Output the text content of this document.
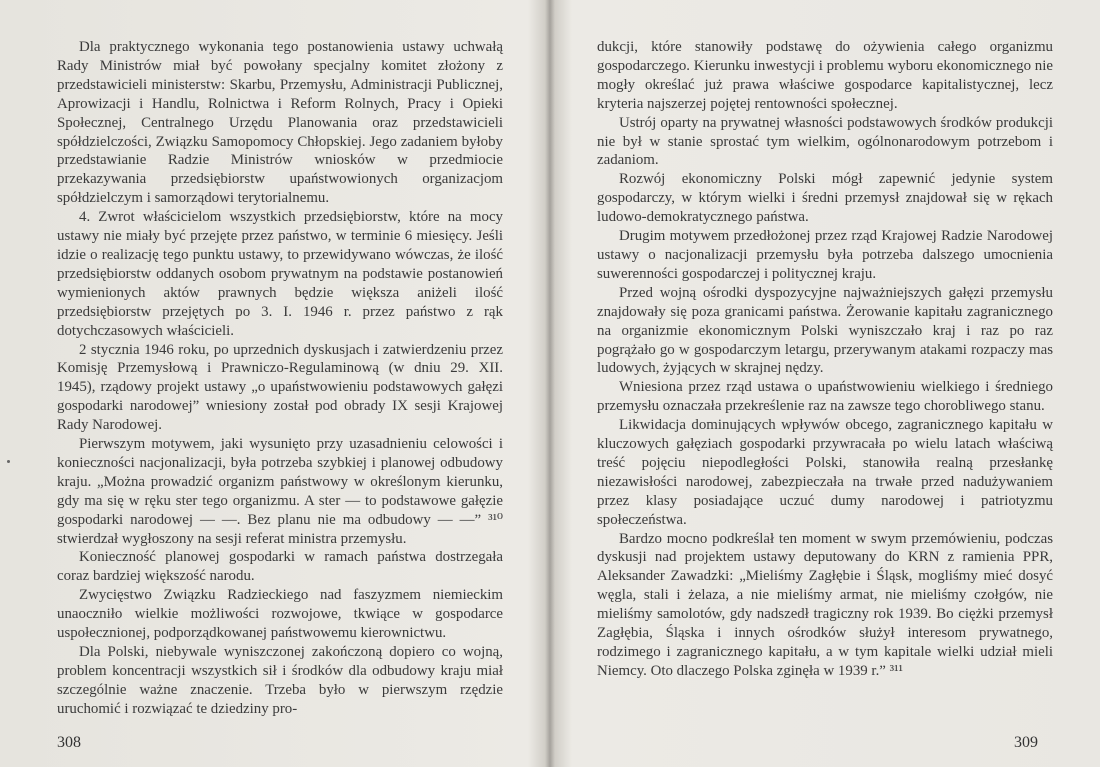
Dla praktycznego wykonania tego postanowienia ustawy uchwałą Rady Ministrów miał być powołany specjalny komitet złożony z przedstawicieli ministerstw: Skarbu, Przemysłu, Administracji Publicznej, Aprowizacji i Handlu, Rolnictwa i Reform Rolnych, Pracy i Opieki Społecznej, Centralnego Urzędu Planowania oraz przedstawicieli spółdzielczości, Związku Samopomocy Chłopskiej. Jego zadaniem byłoby przedstawianie Radzie Ministrów wniosków w przedmiocie przekazywania przedsiębiorstw upaństwowionych organizacjom spółdzielczym i samorządowi terytorialnemu.

4. Zwrot właścicielom wszystkich przedsiębiorstw, które na mocy ustawy nie miały być przejęte przez państwo, w terminie 6 miesięcy. Jeśli idzie o realizację tego punktu ustawy, to przewidywano wówczas, że ilość przedsiębiorstw oddanych osobom prywatnym na podstawie postanowień wymienionych aktów prawnych będzie większa aniżeli ilość przedsiębiorstw przejętych po 3. I. 1946 r. przez państwo z rąk dotychczasowych właścicieli.

2 stycznia 1946 roku, po uprzednich dyskusjach i zatwierdzeniu przez Komisję Przemysłową i Prawniczo-Regulaminową (w dniu 29. XII. 1945), rządowy projekt ustawy „o upaństwowieniu podstawowych gałęzi gospodarki narodowej” wniesiony został pod obrady IX sesji Krajowej Rady Narodowej.

Pierwszym motywem, jaki wysunięto przy uzasadnieniu celowości i konieczności nacjonalizacji, była potrzeba szybkiej i planowej odbudowy kraju. „Można prowadzić organizm państwowy w określonym kierunku, gdy ma się w ręku ster tego organizmu. A ster — to podstawowe gałęzie gospodarki narodowej — —. Bez planu nie ma odbudowy — —” ³¹⁰ stwierdzał wygłoszony na sesji referat ministra przemysłu.

Konieczność planowej gospodarki w ramach państwa dostrzegała coraz bardziej większość narodu.

Zwycięstwo Związku Radzieckiego nad faszyzmem niemieckim unaoczniło wielkie możliwości rozwojowe, tkwiące w gospodarce uspołecznionej, podporządkowanej państwowemu kierownictwu.

Dla Polski, niebywale wyniszczonej zakończoną dopiero co wojną, problem koncentracji wszystkich sił i środków dla odbudowy kraju miał szczególnie ważne znaczenie. Trzeba było w pierwszym rzędzie uruchomić i rozwiązać te dziedziny pro-

308

dukcji, które stanowiły podstawę do ożywienia całego organizmu gospodarczego. Kierunku inwestycji i problemu wyboru ekonomicznego nie mogły określać już prawa właściwe gospodarce kapitalistycznej, lecz kryteria najszerzej pojętej rentowności społecznej.

Ustrój oparty na prywatnej własności podstawowych środków produkcji nie był w stanie sprostać tym wielkim, ogólnonarodowym potrzebom i zadaniom.

Rozwój ekonomiczny Polski mógł zapewnić jedynie system gospodarczy, w którym wielki i średni przemysł znajdował się w rękach ludowo-demokratycznego państwa.

Drugim motywem przedłożonej przez rząd Krajowej Radzie Narodowej ustawy o nacjonalizacji przemysłu była potrzeba dalszego umocnienia suwerenności gospodarczej i politycznej kraju.

Przed wojną ośrodki dyspozycyjne najważniejszych gałęzi przemysłu znajdowały się poza granicami państwa. Żerowanie kapitału zagranicznego na organizmie ekonomicznym Polski wyniszczało kraj i raz po raz pogrążało go w gospodarczym letargu, przerywanym atakami rozpaczy mas ludowych, żyjących w skrajnej nędzy.

Wniesiona przez rząd ustawa o upaństwowieniu wielkiego i średniego przemysłu oznaczała przekreślenie raz na zawsze tego chorobliwego stanu.

Likwidacja dominujących wpływów obcego, zagranicznego kapitału w kluczowych gałęziach gospodarki przywracała po wielu latach właściwą treść pojęciu niepodległości Polski, stanowiła realną przesłankę niezawisłości narodowej, zabezpieczała na trwałe przed nadużywaniem przez klasy posiadające uczuć dumy narodowej i patriotyzmu społeczeństwa.

Bardzo mocno podkreślał ten moment w swym przemówieniu, podczas dyskusji nad projektem ustawy deputowany do KRN z ramienia PPR, Aleksander Zawadzki: „Mieliśmy Zagłębie i Śląsk, mogliśmy mieć dosyć węgla, stali i żelaza, a nie mieliśmy armat, nie mieliśmy czołgów, nie mieliśmy samolotów, gdy nadszedł tragiczny rok 1939. Bo ciężki przemysł Zagłębia, Śląska i innych ośrodków służył interesom prywatnego, rodzimego i zagranicznego kapitału, a w tym kapitale wielki udział mieli Niemcy. Oto dlaczego Polska zginęła w 1939 r.” ³¹¹

309
